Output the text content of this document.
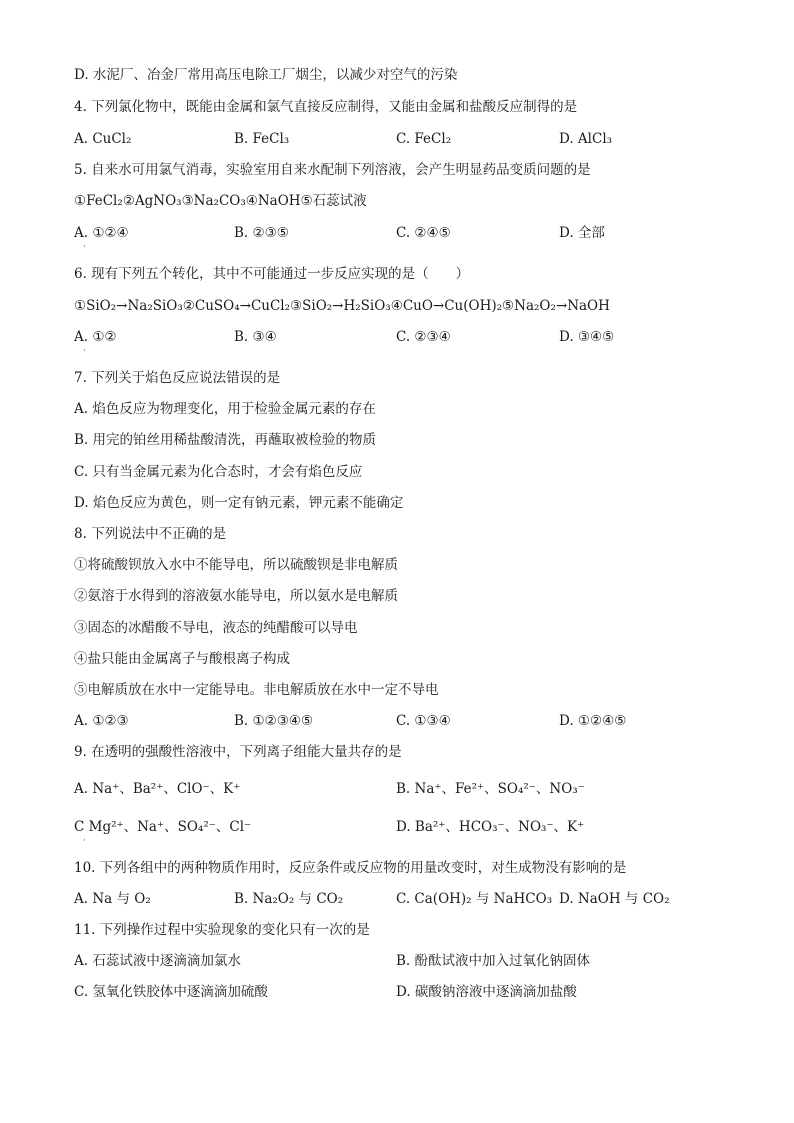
D. 水泥厂、冶金厂常用高压电除工厂烟尘，以减少对空气的污染
4. 下列氯化物中，既能由金属和氯气直接反应制得，又能由金属和盐酸反应制得的是
A. CuCl₂	B. FeCl₃	C. FeCl₂	D. AlCl₃
5. 自来水可用氯气消毒，实验室用自来水配制下列溶液，会产生明显药品变质问题的是
①FeCl₂②AgNO₃③Na₂CO₃④NaOH⑤石蕊试液
A. ①②④
·
B. ②③⑤	C. ②④⑤	D. 全部
6. 现有下列五个转化，其中不可能通过一步反应实现的是（　　）
①SiO₂→Na₂SiO₃②CuSO₄→CuCl₂③SiO₂→H₂SiO₃④CuO→Cu(OH)₂⑤Na₂O₂→NaOH
A. ①②
·
B. ③④	C. ②③④	D. ③④⑤
7. 下列关于焰色反应说法错误的是
A. 焰色反应为物理变化，用于检验金属元素的存在
B. 用完的铂丝用稀盐酸清洗，再蘸取被检验的物质
C. 只有当金属元素为化合态时，才会有焰色反应
D. 焰色反应为黄色，则一定有钠元素，钾元素不能确定
8. 下列说法中不正确的是
①将硫酸钡放入水中不能导电，所以硫酸钡是非电解质
②氨溶于水得到的溶液氨水能导电，所以氨水是电解质
③固态的冰醋酸不导电，液态的纯醋酸可以导电
④盐只能由金属离子与酸根离子构成
⑤电解质放在水中一定能导电。非电解质放在水中一定不导电
A. ①②③	B. ①②③④⑤	C. ①③④	D. ①②④⑤
9. 在透明的强酸性溶液中，下列离子组能大量共存的是
A. Na⁺、Ba²⁺、ClO⁻、K⁺	B. Na⁺、Fe²⁺、SO₄²⁻、NO₃⁻
C Mg²⁺、Na⁺、SO₄²⁻、Cl⁻
·
D. Ba²⁺、HCO₃⁻、NO₃⁻、K⁺
10. 下列各组中的两种物质作用时，反应条件或反应物的用量改变时，对生成物没有影响的是
A. Na 与 O₂	B. Na₂O₂ 与 CO₂	C. Ca(OH)₂ 与 NaHCO₃ D. NaOH 与 CO₂
11. 下列操作过程中实验现象的变化只有一次的是
A. 石蕊试液中逐滴滴加氯水	B. 酚酞试液中加入过氧化钠固体
C. 氢氧化铁胶体中逐滴滴加硫酸	D. 碳酸钠溶液中逐滴滴加盐酸
